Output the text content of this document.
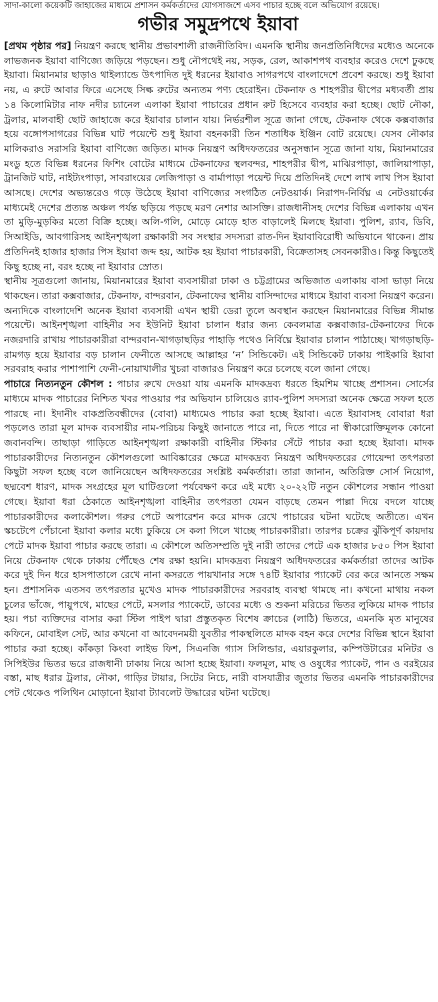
সাদা-কালো কয়েকটি জাহাজের মাধ্যমে প্রশাসন কর্মকর্তাদের যোগসাজশে এসব পাচার হচ্ছে বলে অভিযোগ রয়েছে।
গভীর সমুদ্রপথে ইয়াবা

[প্রথম পৃষ্ঠার পর] নিয়ন্ত্রণ করছে স্থানীয় প্রভাবশালী রাজনীতিবিদ। এমনকি স্থানীয় জনপ্রতিনিধিদের মধ্যেও অনেকে লাভজনক ইয়াবা বাণিজ্যে জড়িয়ে পড়ছেন। শুধু নৌপথেই নয়, সড়ক, রেল, আকাশপথ ব্যবহার করেও দেশে ঢুকছে ইয়াবা। মিয়ানমার ছাড়াও থাইল্যান্ডে উৎপাদিত দুই ধরনের ইয়াবাও সাগরপথে বাংলাদেশে প্রবেশ করছে। শুধু ইয়াবা নয়, এ রুটে আবার ফিরে এসেছে সিল্ক রুটের অন্যতম পণ্য হেরোইন। টেকনাফ ও শাহপরীর দ্বীপের মধ্যবর্তী প্রায় ১৪ কিলোমিটার নাফ নদীর চ্যানেল এলাকা ইয়াবা পাচারের প্রধান রুট হিসেবে ব্যবহার করা হচ্ছে। ছোট নৌকা, ট্রলার, মালবাহী ছোট জাহাজে করে ইয়াবার চালান যায়। নির্ভরশীল সূত্রে জানা গেছে, টেকনাফ থেকে কক্সবাজার হয়ে বঙ্গোপসাগরের বিভিন্ন ঘাট পয়েন্টে শুধু ইয়াবা বহনকারী তিন শতাধিক ইঞ্জিন বোট রয়েছে। যেসব নৌকার মালিকরাও সরাসরি ইয়াবা বাণিজ্যে জড়িত। মাদক নিয়ন্ত্রণ অধিদফতরের অনুসন্ধান সূত্রে জানা যায়, মিয়ানমারের মংডু হতে বিভিন্ন ধরনের ফিশিং বোটের মাধ্যমে টেকনাফের স্থলবন্দর, শাহপরীর দ্বীপ, মাঝিরপাড়া, জালিয়াপাড়া, ট্রানজিট ঘাট, নাইট্যংপাড়া, সাবরাংয়ের লেজিপাড়া ও বার্মাপাড়া পয়েন্ট দিয়ে প্রতিদিনই দেশে লাখ লাখ পিস ইয়াবা আসছে। দেশের অভ্যন্তরেও গড়ে উঠেছে ইয়াবা বাণিজ্যের সংগঠিত নেটওয়ার্ক। নিরাপদ-নির্বিঘ্ন এ নেটওয়ার্কের মাধ্যমেই দেশের প্রত্যন্ত অঞ্চল পর্যন্ত ছড়িয়ে পড়ছে মরণ নেশার আসক্তি। রাজধানীসহ দেশের বিভিন্ন এলাকায় এখন তা মুড়ি-মুড়কির মতো বিক্রি হচ্ছে। অলি-গলি, মোড়ে মোড়ে হাত বাড়ালেই মিলছে ইয়াবা। পুলিশ, র‌্যাব, ডিবি, সিআইডি, আবগারিসহ আইনশৃঙ্খলা রক্ষাকারী সব সংস্থার সদস্যরা রাত-দিন ইয়াবাবিরোধী অভিযানে থাকেন। প্রায় প্রতিদিনই হাজার হাজার পিস ইয়াবা জব্দ হয়, আটক হয় ইয়াবা পাচারকারী, বিক্রেতাসহ সেবনকারীও। কিন্তু কিছুতেই কিছু হচ্ছে না, বরং হচ্ছে না ইয়াবার স্রোত।

স্থানীয় সূত্রগুলো জানায়, মিয়ানমারের ইয়াবা ব্যবসায়ীরা ঢাকা ও চট্টগ্রামের অভিজাত এলাকায় বাসা ভাড়া নিয়ে থাকছেন। তারা কক্সবাজার, টেকনাফ, বান্দরবান, টেকনাফের স্থানীয় বাসিন্দাদের মাধ্যমে ইয়াবা ব্যবসা নিয়ন্ত্রণ করেন। অন্যদিকে বাংলাদেশি অনেক ইয়াবা ব্যবসায়ী এখন স্থায়ী ডেরা তুলে অবস্থান করছেন মিয়ানমারের বিভিন্ন সীমান্ত পয়েন্টে। আইনশৃঙ্খলা বাহিনীর সব ইউনিট ইয়াবা চালান ধরার জন্য কেবলমাত্র কক্সবাজার-টেকনাফের দিকে নজরদারি রাখায় পাচারকারীরা বান্দরবান-খাগড়াছড়ির পাহাড়ি পথেও নির্বিঘ্নে ইয়াবার চালান পাঠাচ্ছে। খাগড়াছড়ি-রামগড় হয়ে ইয়াবার বড় চালান ফেনীতে আসছে আল্লাহর ‘ন’ সিন্ডিকেট। এই সিন্ডিকেট ঢাকায় পাইকারি ইয়াবা সরবরাহ করার পাশাপাশি ফেনী-নোয়াখালীর খুচরা বাজারও নিয়ন্ত্রণ করে চলেছে বলে জানা গেছে।

পাচারে নিত্যনতুন কৌশল : পাচার রুখে দেওয়া যায় এমনকি মাদকদ্রব্য ধরতে হিমশিম খাচ্ছে প্রশাসন। সোর্সের মাধ্যমে মাদক পাচারের নিশ্চিত খবর পাওয়ার পর অভিযান চালিয়েও র‌্যাব-পুলিশ সদস্যরা অনেক ক্ষেত্রে সফল হতে পারছে না। ইদানীং বাকপ্রতিবন্ধীদের (বোবা) মাধ্যমেও পাচার করা হচ্ছে ইয়াবা। এতে ইয়াবাসহ বোবারা ধরা পড়লেও তারা মূল মাদক ব্যবসায়ীর নাম-পরিচয় কিছুই জানাতে পারে না, দিতে পারে না স্বীকারোক্তিমূলক কোনো জবানবন্দি। তাছাড়া গাড়িতে আইনশৃঙ্খলা রক্ষাকারী বাহিনীর স্টিকার সেঁটে পাচার করা হচ্ছে ইয়াবা। মাদক পাচারকারীদের নিত্যনতুন কৌশলগুলো আবিষ্কারের ক্ষেত্রে মাদকদ্রব্য নিয়ন্ত্রণ অধিদফতরের গোয়েন্দা তৎপরতা কিছুটা সফল হচ্ছে বলে জানিয়েছেন অধিদফতরের সংশ্লিষ্ট কর্মকর্তারা। তারা জানান, অতিরিক্ত সোর্স নিয়োগ, ছদ্মবেশ ধারণ, মাদক সংগ্রহের মূল ঘাটিগুলো পর্যবেক্ষণ করে এই মধ্যে ২০-২২টি নতুন কৌশলের সন্ধান পাওয়া গেছে। ইয়াবা ধরা ঠেকাতে আইনশৃঙ্খলা বাহিনীর তৎপরতা যেমন বাড়ছে তেমন পাল্লা দিয়ে বদলে যাচ্ছে পাচারকারীদের কলাকৌশল। গরুর পেটে অপারেশন করে মাদক রেখে পাচারের ঘটনা ঘটেছে অতীতে। এখন স্কচটেপে পেঁচানো ইয়াবা কলার মধ্যে ঢুকিয়ে সে কলা গিলে খাচ্ছে পাচারকারীরা। তারপর চক্রের ঝুঁকিপূর্ণ কায়দায় পেটে মাদক ইয়াবা পাচার করছে তারা। এ কৌশলে অতিসম্প্রতি দুই নারী তাদের পেটে এক হাজার ৮৫০ পিস ইয়াবা নিয়ে টেকনাফ থেকে ঢাকায় পৌঁছেও শেষ রক্ষা হয়নি। মাদকদ্রব্য নিয়ন্ত্রণ অধিদফতরের কর্মকর্তারা তাদের আটক করে দুই দিন ধরে হাসপাতালে রেখে নানা কসরতে পায়খানার সঙ্গে ৭৪টি ইয়াবার প্যাকেট বের করে আনতে সক্ষম হন। প্রশাসনিক এতসব তৎপরতার মুখেও মাদক পাচারকারীদের সরবরাহ ব্যবস্থা থামছে না। কখনো মাথায় নকল চুলের ভাঁজে, পায়ুপথে, মাছের পেটে, মসলার প্যাকেটে, ডাবের মধ্যে ও শুকনা মরিচের ভিতর লুকিয়ে মাদক পাচার হয়। পচা ব্যক্তিদের বাসার করা স্টিল পাইপ দ্বারা প্রস্তুতকৃত বিশেষ ক্রাচের (লাঠি) ভিতরে, এমনকি মৃত মানুষের কফিনে, মোবাইল সেট, আর কখনো বা আবেদনময়ী যুবতীর পাকস্থলিতে মাদক বহন করে দেশের বিভিন্ন স্থানে ইয়াবা পাচার করা হচ্ছে। কাঁকড়া কিংবা লাইভ ফিশ, সিএনজি গ্যাস সিলিন্ডার, এয়ারকুলার, কম্পিউটারের মনিটর ও সিপিইউর ভিতর ভরে রাজধানী ঢাকায় নিয়ে আসা হচ্ছে ইয়াবা। ফলমূল, মাছ ও ওষুধের প্যাকেট, পান ও বরইয়ের বস্তা, মাছ ধরার ট্রলার, নৌকা, গাড়ির টায়ার, সিটের নিচে, নারী বাসযাত্রীর জুতার ভিতর এমনকি পাচারকারীদের পেট থেকেও পলিথিন মোড়ানো ইয়াবা ট্যাবলেট উদ্ধারের ঘটনা ঘটেছে।
